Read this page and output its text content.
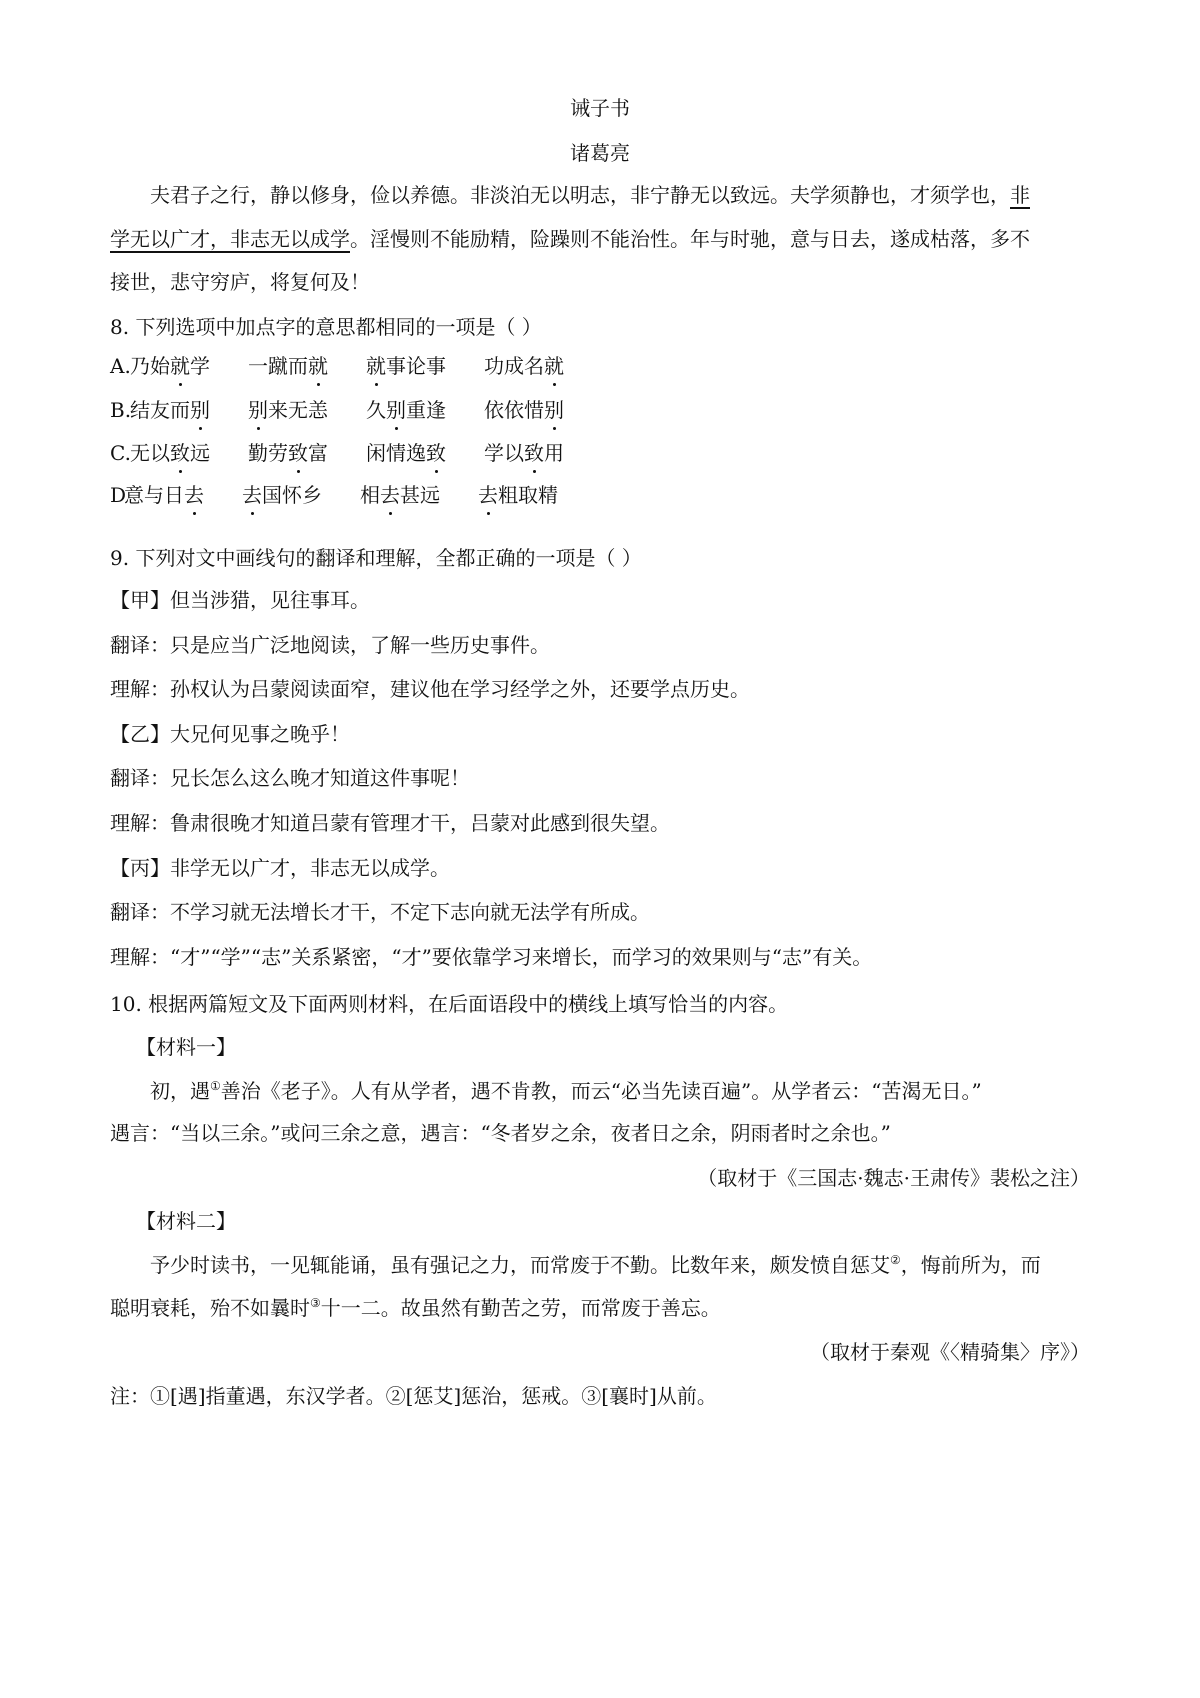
诫子书
诸葛亮
夫君子之行，静以修身，俭以养德。非淡泊无以明志，非宁静无以致远。夫学须静也，才须学也，非
学无以广才，非志无以成学。淫慢则不能励精，险躁则不能治性。年与时驰，意与日去，遂成枯落，多不
接世，悲守穷庐，将复何及！
8. 下列选项中加点字的意思都相同的一项是（ ）
A. 乃始就学 一蹴而就 就事论事 功成名就
B.
结友而别 别来无恙 久别重逢 依依惜别
C. 无以致远 勤劳致富 闲情逸致 学以致用
D
意与日去 去国怀乡 相去甚远 去粗取精
9. 下列对文中画线句的翻译和理解，全都正确的一项是（ ）
【甲】但当涉猎，见往事耳。
翻译：只是应当广泛地阅读，了解一些历史事件。
理解：孙权认为吕蒙阅读面窄，建议他在学习经学之外，还要学点历史。
【乙】大兄何见事之晚乎！
翻译：兄长怎么这么晚才知道这件事呢！
理解：鲁肃很晚才知道吕蒙有管理才干，吕蒙对此感到很失望。
【丙】非学无以广才，非志无以成学。
翻译：不学习就无法增长才干，不定下志向就无法学有所成。
理解：“才”“学”“志”关系紧密，“才”要依靠学习来增长，而学习的效果则与“志”有关。
10. 根据两篇短文及下面两则材料，在后面语段中的横线上填写恰当的内容。
【材料一】
初，遇①善治《老子》。人有从学者，遇不肯教，而云“必当先读百遍”。从学者云：“苦渴无日。”
遇言：“当以三余。”或问三余之意，遇言：“冬者岁之余，夜者日之余，阴雨者时之余也。”
（取材于《三国志·魏志·王肃传》裴松之注）
【材料二】
予少时读书，一见辄能诵，虽有强记之力，而常废于不勤。比数年来，颇发愤自惩艾②，悔前所为，而
聪明衰耗，殆不如曩时③十一二。故虽然有勤苦之劳，而常废于善忘。
（取材于秦观《〈精骑集〉序》）
注：①[遇]指董遇，东汉学者。②[惩艾]惩治，惩戒。③[襄时]从前。
